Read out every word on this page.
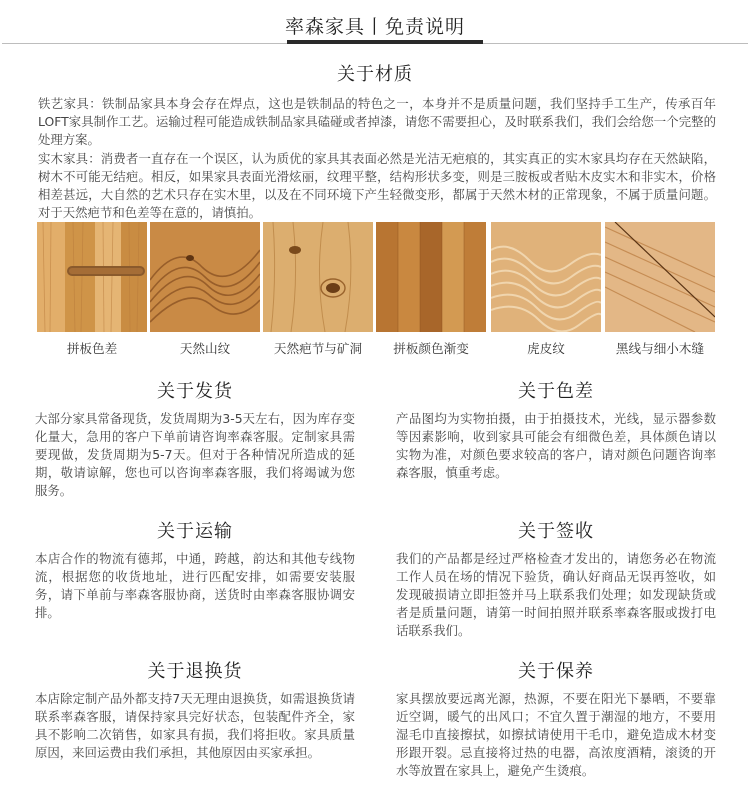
率森家具丨免责说明
关于材质

铁艺家具：铁制品家具本身会存在焊点，这也是铁制品的特色之一，本身并不是质量问题，我们坚持手工生产，传承百年LOFT家具制作工艺。运输过程可能造成铁制品家具磕碰或者掉漆，请您不需要担心，及时联系我们，我们会给您一个完整的处理方案。

实木家具：消费者一直存在一个误区，认为质优的家具其表面必然是光洁无疤痕的，其实真正的实木家具均存在天然缺陷，树木不可能无结疤。相反，如果家具表面光滑炫丽，纹理平整，结构形状多变，则是三胺板或者贴木皮实木和非实木，价格相差甚远，大自然的艺术只存在实木里，以及在不同环境下产生轻微变形，都属于天然木材的正常现象，不属于质量问题。对于天然疤节和色差等在意的，请慎拍。

拼板色差	天然山纹	天然疤节与矿洞	拼板颜色渐变	虎皮纹	黑线与细小木缝
关于发货

大部分家具常备现货，发货周期为3-5天左右，因为库存变化量大，急用的客户下单前请咨询率森客服。定制家具需要现做，发货周期为5-7天。但对于各种情况所造成的延期，敬请谅解，您也可以咨询率森客服，我们将竭诚为您服务。

关于色差

产品图均为实物拍摄，由于拍摄技术，光线，显示器参数等因素影响，收到家具可能会有细微色差，具体颜色请以实物为准，对颜色要求较高的客户，请对颜色问题咨询率森客服，慎重考虑。

关于运输

本店合作的物流有德邦，中通，跨越，韵达和其他专线物流，根据您的收货地址，进行匹配安排，如需要安装服务，请下单前与率森客服协商，送货时由率森客服协调安排。

关于签收

我们的产品都是经过严格检查才发出的，请您务必在物流工作人员在场的情况下验货，确认好商品无误再签收，如发现破损请立即拒签并马上联系我们处理；如发现缺货或者是质量问题，请第一时间拍照并联系率森客服或拨打电话联系我们。

关于退换货

本店除定制产品外都支持7天无理由退换货，如需退换货请联系率森客服，请保持家具完好状态，包装配件齐全，家具不影响二次销售，如家具有损，我们将拒收。家具质量原因，来回运费由我们承担，其他原因由买家承担。

关于保养

家具摆放要远离光源，热源，不要在阳光下暴晒，不要靠近空调，暖气的出风口；不宜久置于潮湿的地方，不要用湿毛巾直接擦拭，如擦拭请使用干毛巾，避免造成木材变形跟开裂。忌直接将过热的电器，高浓度酒精，滚烫的开水等放置在家具上，避免产生烫痕。
